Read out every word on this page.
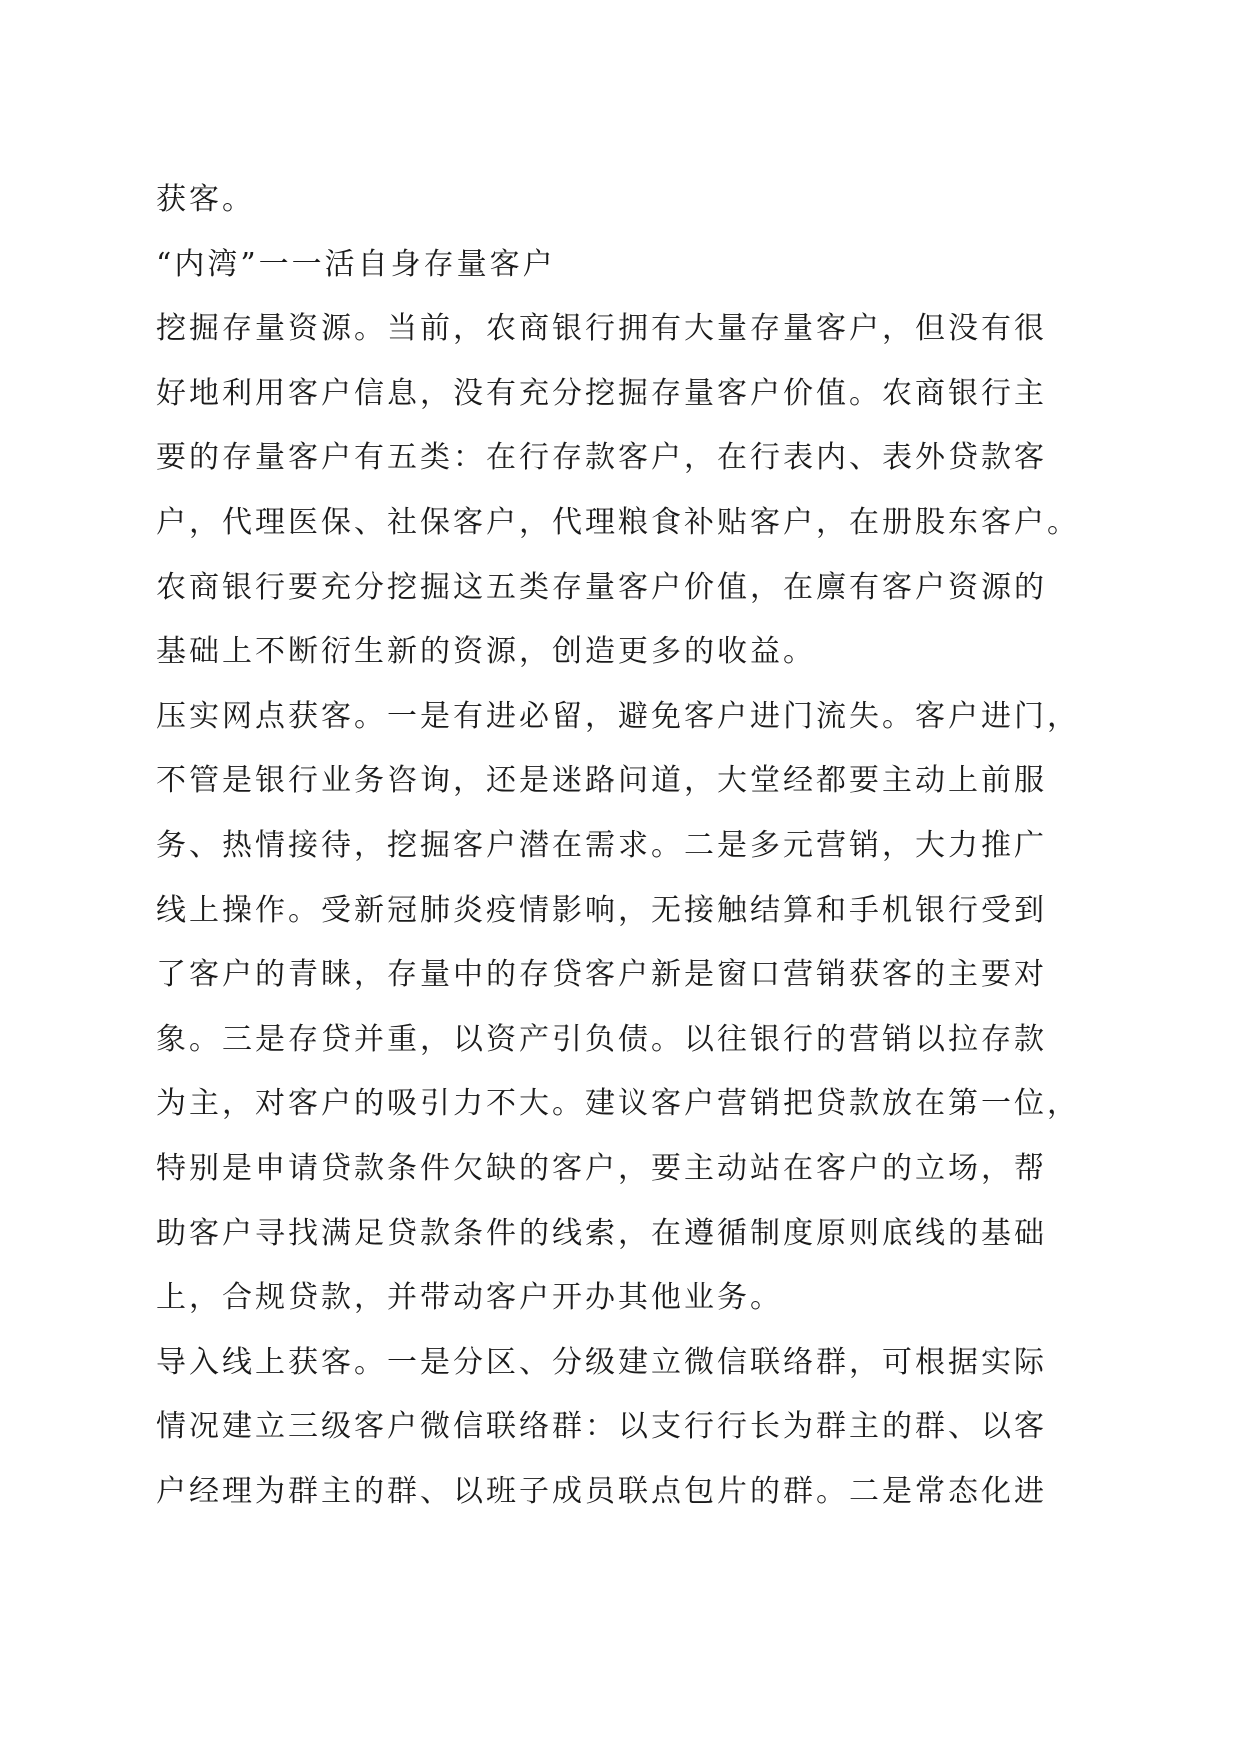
获客。
“内湾”一一活自身存量客户
挖掘存量资源。当前，农商银行拥有大量存量客户，但没有很
好地利用客户信息，没有充分挖掘存量客户价值。农商银行主
要的存量客户有五类：在行存款客户，在行表内、表外贷款客
户，代理医保、社保客户，代理粮食补贴客户，在册股东客户。
农商银行要充分挖掘这五类存量客户价值，在廪有客户资源的
基础上不断衍生新的资源，创造更多的收益。
压实网点获客。一是有进必留，避免客户进门流失。客户进门，
不管是银行业务咨询，还是迷路问道，大堂经都要主动上前服
务、热情接待，挖掘客户潜在需求。二是多元营销，大力推广
线上操作。受新冠肺炎疫情影响，无接触结算和手机银行受到
了客户的青睐，存量中的存贷客户新是窗口营销获客的主要对
象。三是存贷并重，以资产引负债。以往银行的营销以拉存款
为主，对客户的吸引力不大。建议客户营销把贷款放在第一位，
特别是申请贷款条件欠缺的客户，要主动站在客户的立场，帮
助客户寻找满足贷款条件的线索，在遵循制度原则底线的基础
上，合规贷款，并带动客户开办其他业务。
导入线上获客。一是分区、分级建立微信联络群，可根据实际
情况建立三级客户微信联络群：以支行行长为群主的群、以客
户经理为群主的群、以班子成员联点包片的群。二是常态化进
